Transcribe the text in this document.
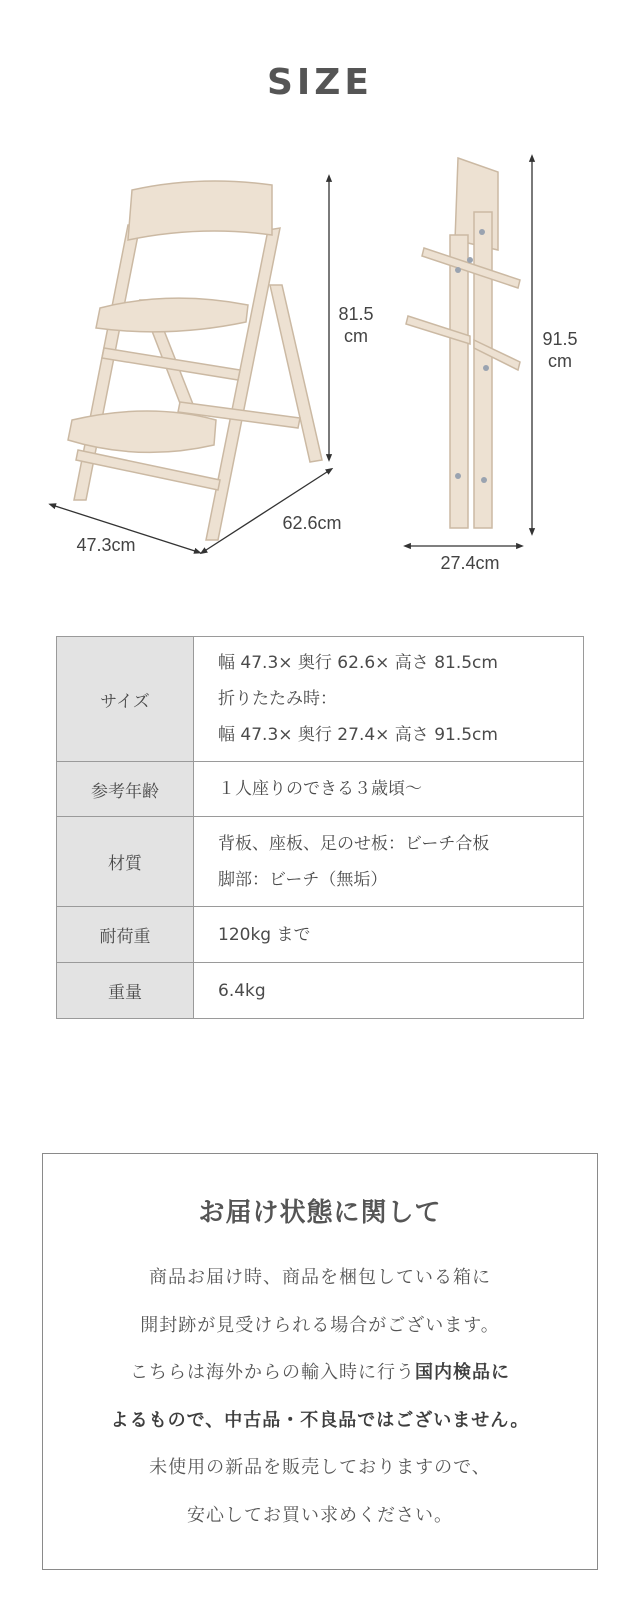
SIZE
81.5
cm
62.6cm
47.3cm
91.5
cm
27.4cm
サイズ	幅 47.3× 奥行 62.6× 高さ 81.5cm
折りたたみ時：
幅 47.3× 奥行 27.4× 高さ 91.5cm

参考年齢	１人座りのできる３歳頃〜

材質	背板、座板、足のせ板：ビーチ合板
脚部：ビーチ（無垢）

耐荷重	120kg まで

重量	6.4kg
お届け状態に関して
商品お届け時、商品を梱包している箱に
開封跡が見受けられる場合がございます。
こちらは海外からの輸入時に行う国内検品に
よるもので、中古品・不良品ではございません。
未使用の新品を販売しておりますので、
安心してお買い求めください。
